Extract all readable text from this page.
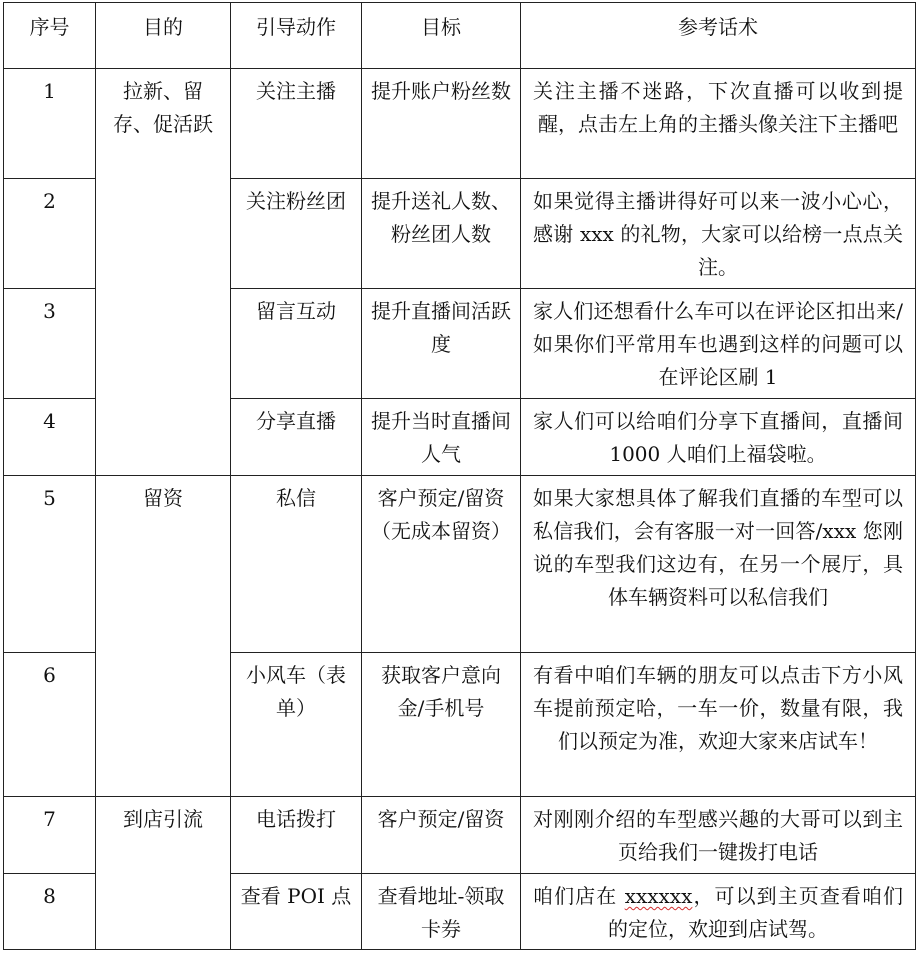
序号	目的	引导动作	目标	参考话术
1	拉新、留存、促活跃	关注主播	提升账户粉丝数	关注主播不迷路，下次直播可以收到提醒，点击左上角的主播头像关注下主播吧
2		关注粉丝团	提升送礼人数、粉丝团人数	如果觉得主播讲得好可以来一波小心心，感谢 xxx 的礼物，大家可以给榜一点点关注。
3		留言互动	提升直播间活跃度	家人们还想看什么车可以在评论区扣出来/如果你们平常用车也遇到这样的问题可以在评论区刷 1
4		分享直播	提升当时直播间人气	家人们可以给咱们分享下直播间，直播间 1000 人咱们上福袋啦。
5	留资	私信	客户预定/留资（无成本留资）	如果大家想具体了解我们直播的车型可以私信我们，会有客服一对一回答/xxx 您刚说的车型我们这边有，在另一个展厅，具体车辆资料可以私信我们
6		小风车（表单）	获取客户意向金/手机号	有看中咱们车辆的朋友可以点击下方小风车提前预定哈，一车一价，数量有限，我们以预定为准，欢迎大家来店试车！
7	到店引流	电话拨打	客户预定/留资	对刚刚介绍的车型感兴趣的大哥可以到主页给我们一键拨打电话
8		查看 POI 点	查看地址-领取卡券	咱们店在 xxxxxx，可以到主页查看咱们的定位，欢迎到店试驾。
